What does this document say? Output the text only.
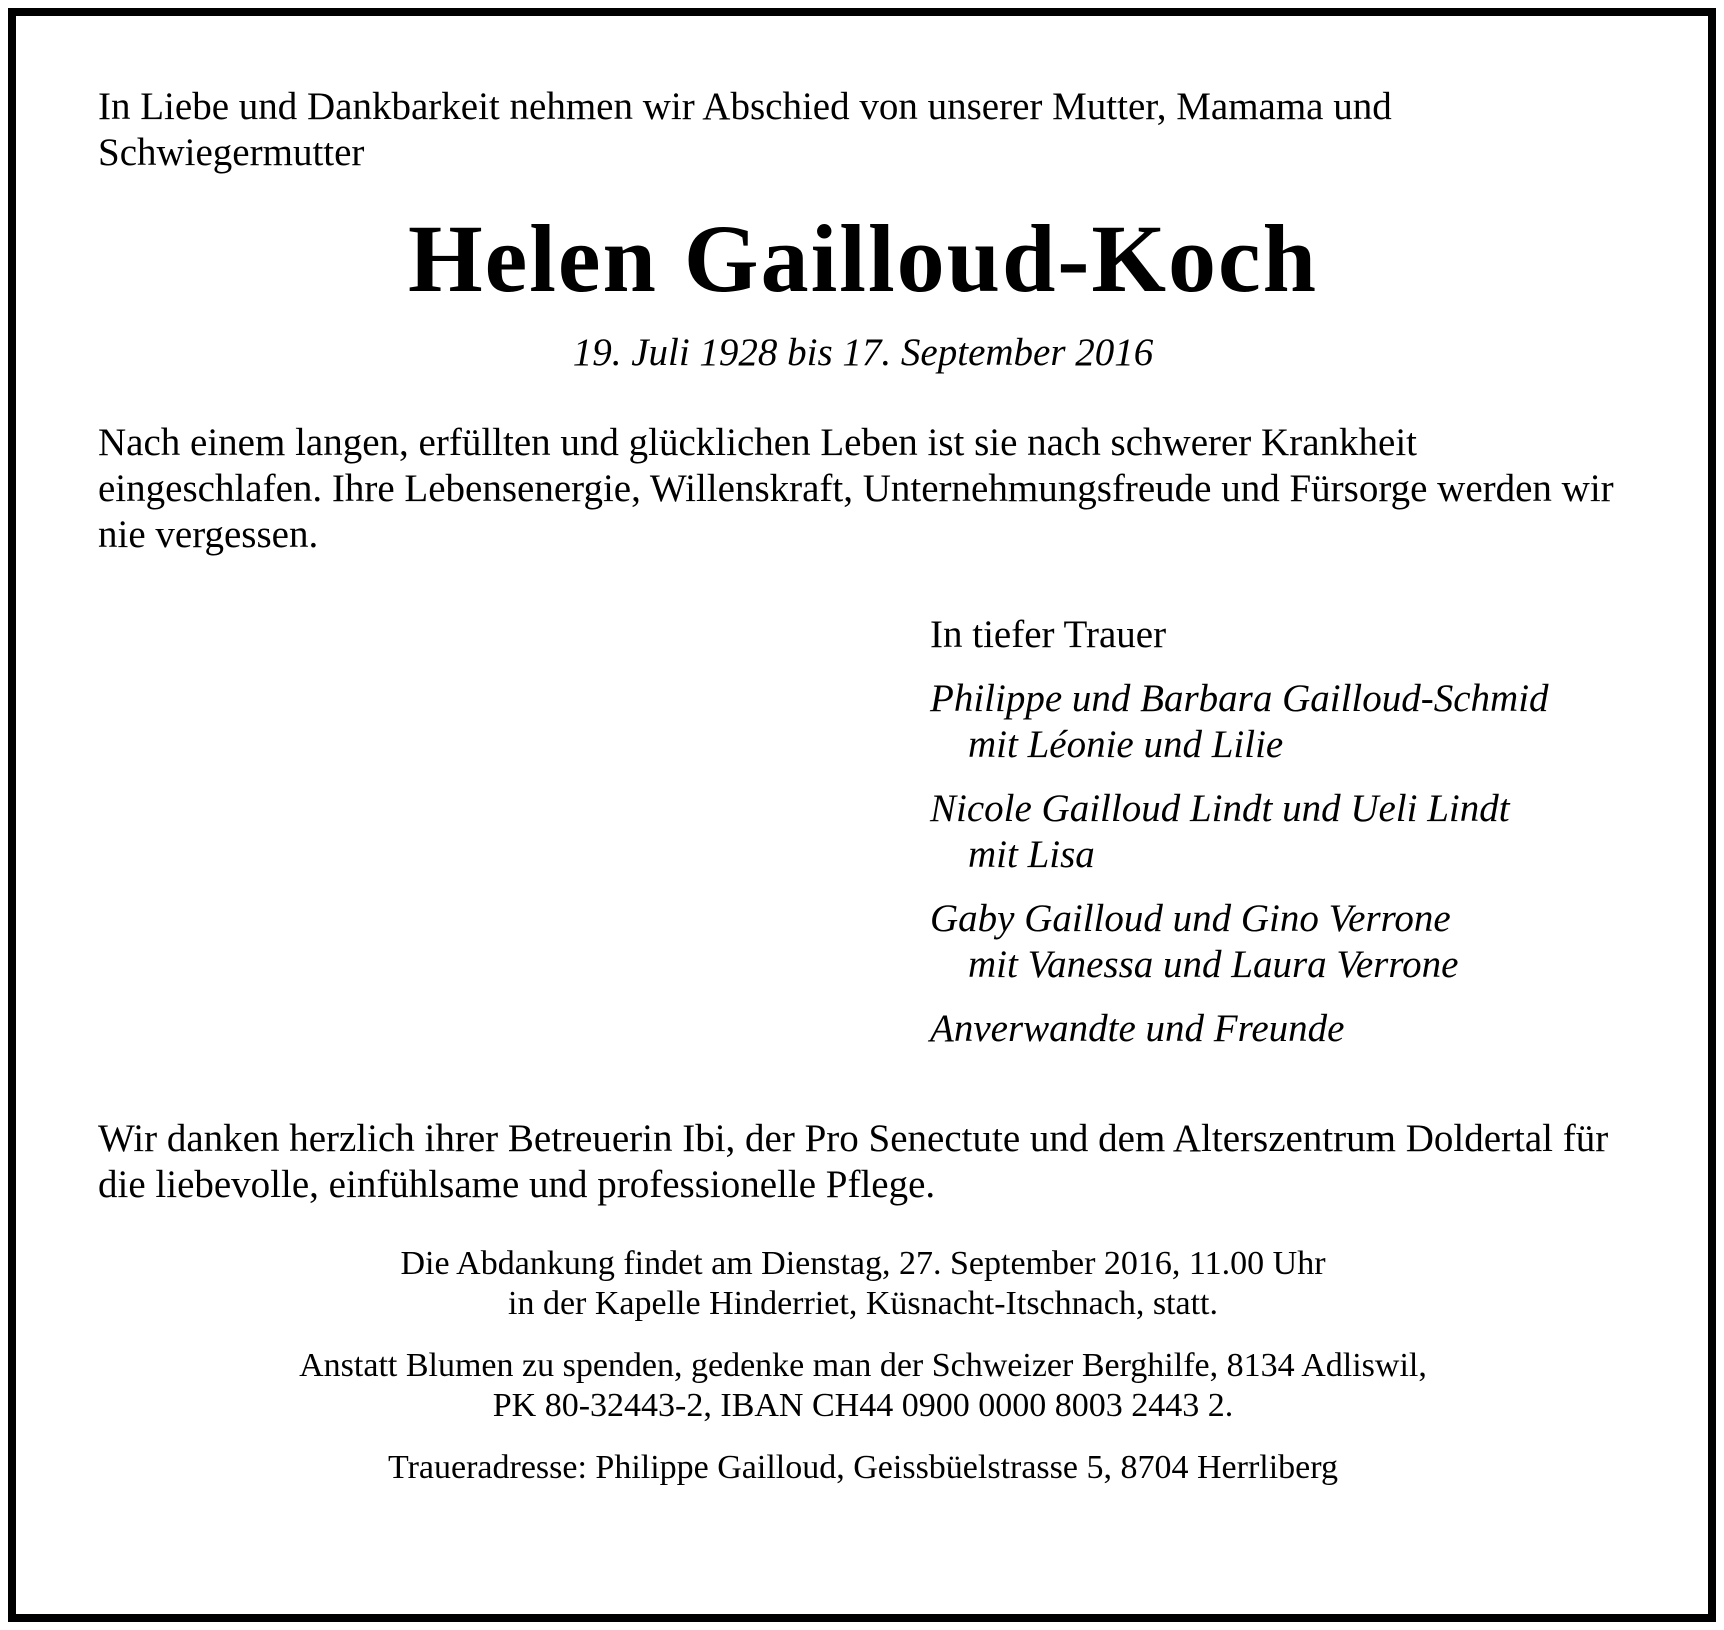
In Liebe und Dankbarkeit nehmen wir Abschied von unserer Mutter, Mamama und Schwiegermutter

Helen Gailloud-Koch

19. Juli 1928 bis 17. September 2016

Nach einem langen, erfüllten und glücklichen Leben ist sie nach schwerer Krankheit eingeschlafen. Ihre Lebensenergie, Willenskraft, Unternehmungsfreude und Fürsorge werden wir nie vergessen.

In tiefer Trauer

Philippe und Barbara Gailloud-Schmid
mit Léonie und Lilie
Nicole Gailloud Lindt und Ueli Lindt
mit Lisa
Gaby Gailloud und Gino Verrone
mit Vanessa und Laura Verrone
Anverwandte und Freunde

Wir danken herzlich ihrer Betreuerin Ibi, der Pro Senectute und dem Alterszentrum Doldertal für die liebevolle, einfühlsame und professionelle Pflege.

Die Abdankung findet am Dienstag, 27. September 2016, 11.00 Uhr
in der Kapelle Hinderriet, Küsnacht-Itschnach, statt.
Anstatt Blumen zu spenden, gedenke man der Schweizer Berghilfe, 8134 Adliswil,
PK 80-32443-2, IBAN CH44 0900 0000 8003 2443 2.
Traueradresse: Philippe Gailloud, Geissbüelstrasse 5, 8704 Herrliberg
